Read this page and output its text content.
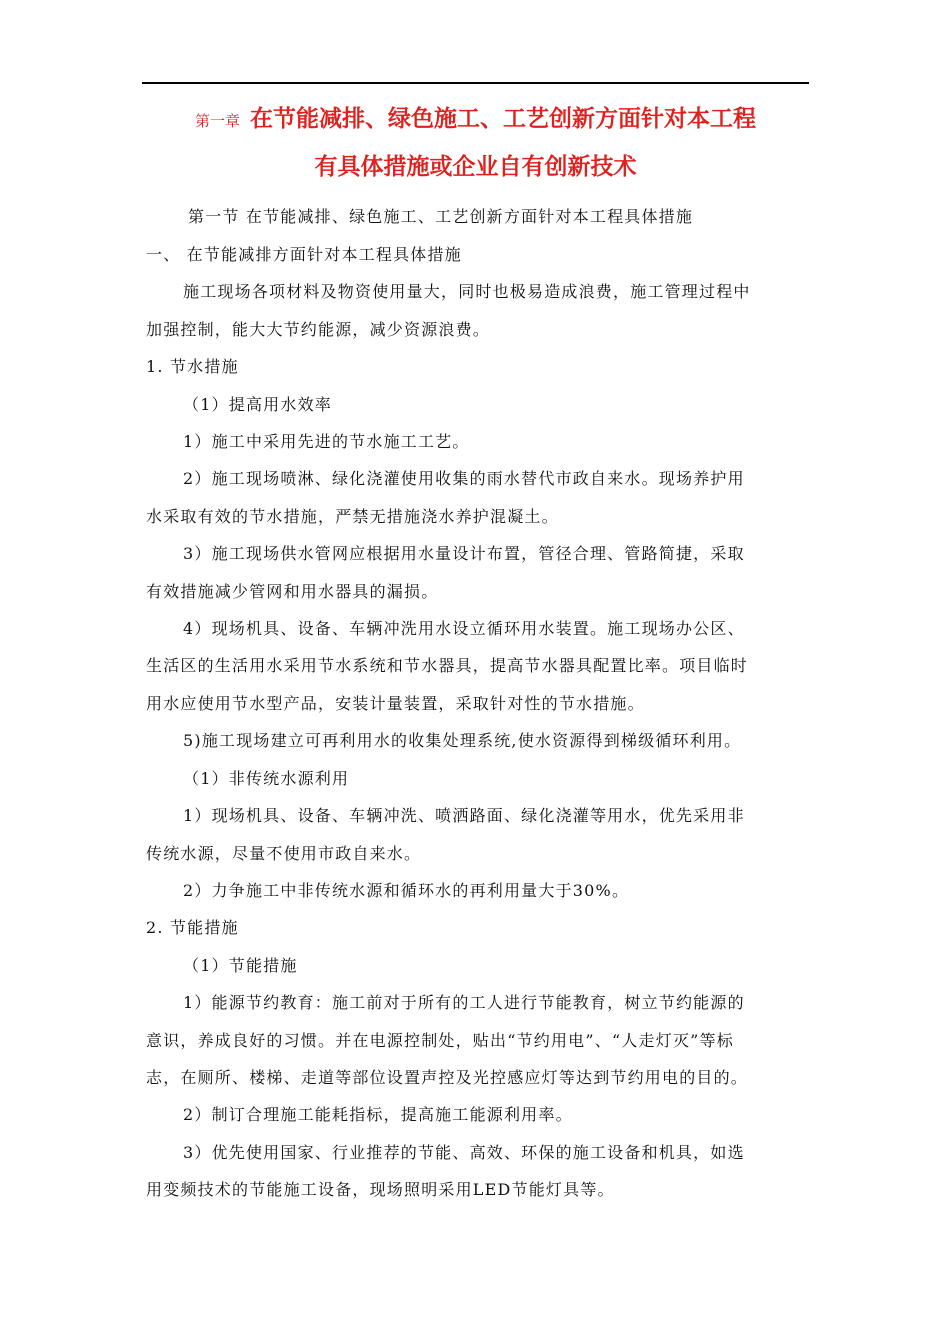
第一章 在节能减排、绿色施工、工艺创新方面针对本工程
有具体措施或企业自有创新技术
第一节 在节能减排、绿色施工、工艺创新方面针对本工程具体措施
一、 在节能减排方面针对本工程具体措施
施工现场各项材料及物资使用量大，同时也极易造成浪费，施工管理过程中
加强控制，能大大节约能源，减少资源浪费。
1. 节水措施
（1）提高用水效率
1）施工中采用先进的节水施工工艺。
2）施工现场喷淋、绿化浇灌使用收集的雨水替代市政自来水。现场养护用
水采取有效的节水措施，严禁无措施浇水养护混凝土。
3）施工现场供水管网应根据用水量设计布置，管径合理、管路简捷，采取
有效措施减少管网和用水器具的漏损。
4）现场机具、设备、车辆冲洗用水设立循环用水装置。施工现场办公区、
生活区的生活用水采用节水系统和节水器具，提高节水器具配置比率。项目临时
用水应使用节水型产品，安装计量装置，采取针对性的节水措施。
5)施工现场建立可再利用水的收集处理系统,使水资源得到梯级循环利用。
（1）非传统水源利用
1）现场机具、设备、车辆冲洗、喷洒路面、绿化浇灌等用水，优先采用非
传统水源，尽量不使用市政自来水。
2）力争施工中非传统水源和循环水的再利用量大于30%。
2. 节能措施
（1）节能措施
1）能源节约教育：施工前对于所有的工人进行节能教育，树立节约能源的
意识，养成良好的习惯。并在电源控制处，贴出“节约用电”、“人走灯灭”等标
志，在厕所、楼梯、走道等部位设置声控及光控感应灯等达到节约用电的目的。
2）制订合理施工能耗指标，提高施工能源利用率。
3）优先使用国家、行业推荐的节能、高效、环保的施工设备和机具，如选
用变频技术的节能施工设备，现场照明采用LED节能灯具等。
